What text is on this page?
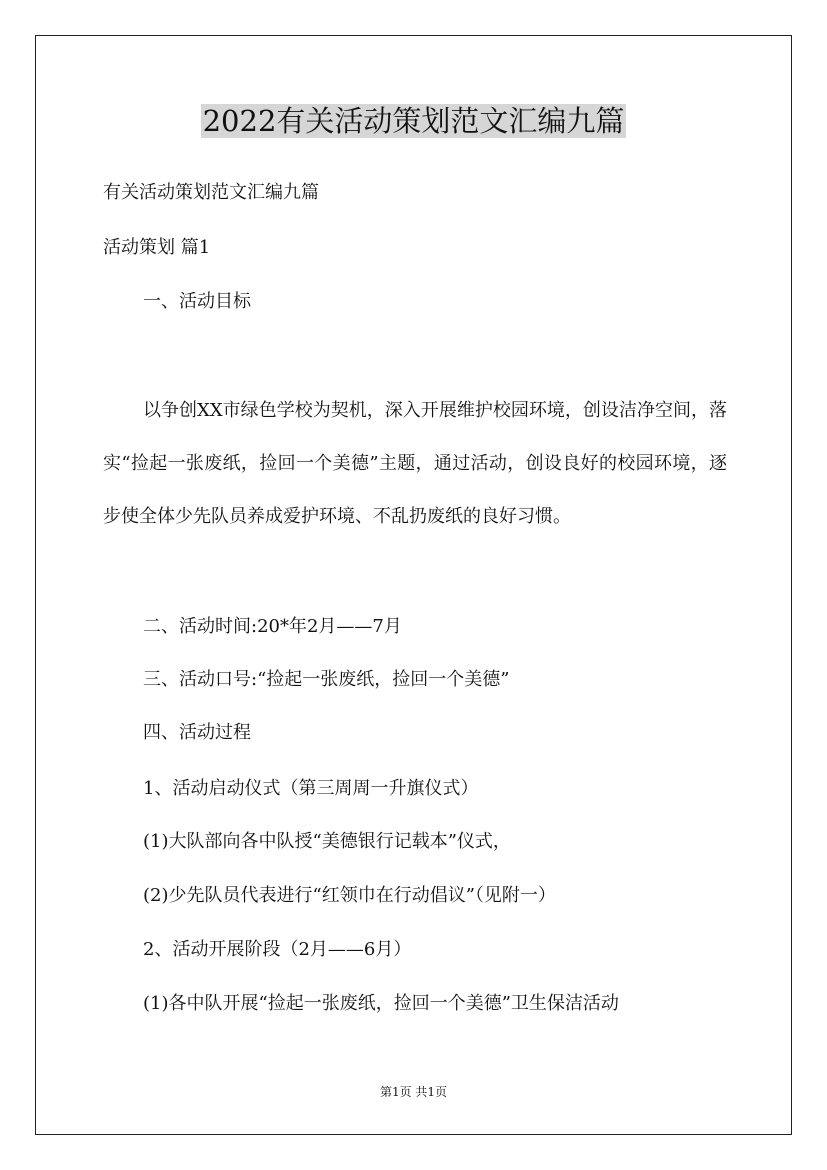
2022有关活动策划范文汇编九篇

有关活动策划范文汇编九篇

活动策划 篇1

一、活动目标

以争创XX市绿色学校为契机，深入开展维护校园环境，创设洁净空间，落实“捡起一张废纸，捡回一个美德”主题，通过活动，创设良好的校园环境，逐步使全体少先队员养成爱护环境、不乱扔废纸的良好习惯。

二、活动时间:20*年2月——7月

三、活动口号:“捡起一张废纸，捡回一个美德”

四、活动过程

1、活动启动仪式（第三周周一升旗仪式）

(1)大队部向各中队授“美德银行记载本”仪式，

(2)少先队员代表进行“红领巾在行动倡议”（见附一）

2、活动开展阶段（2月——6月）

(1)各中队开展“捡起一张废纸，捡回一个美德”卫生保洁活动

第1页 共1页
